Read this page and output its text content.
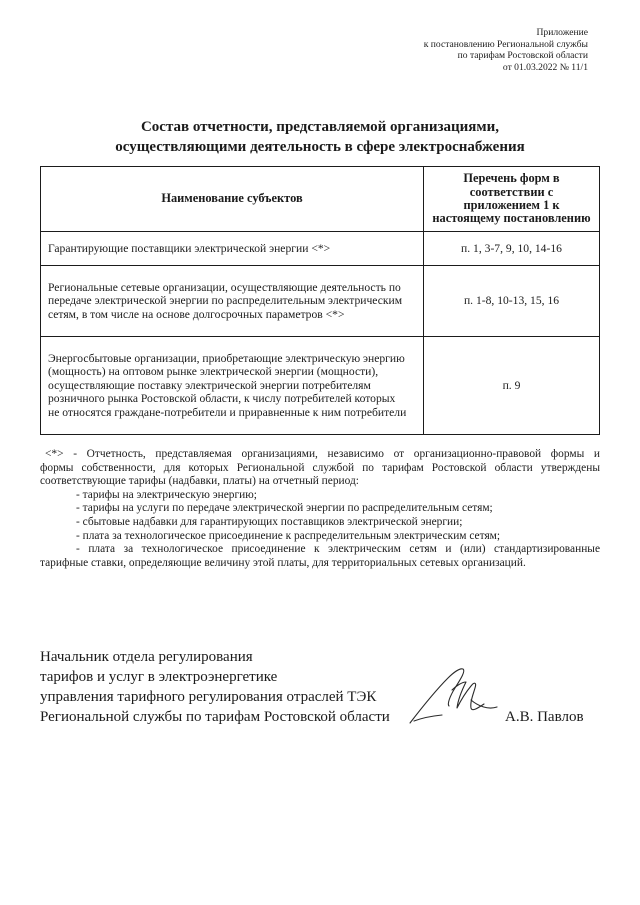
Приложение
к постановлению Региональной службы
по тарифам Ростовской области
от 01.03.2022 № 11/1
Состав отчетности, представляемой организациями,
осуществляющими деятельность в сфере электроснабжения
Наименование субъектов	Перечень форм в
соответствии с
приложением 1 к
настоящему постановлению
Гарантирующие поставщики электрической энергии <*>	п. 1, 3-7, 9, 10, 14-16
Региональные сетевые организации, осуществляющие деятельность по
передаче электрической энергии по распределительным электрическим
сетям, в том числе на основе долгосрочных параметров <*>	п. 1-8, 10-13, 15, 16
Энергосбытовые организации, приобретающие электрическую энергию
(мощность) на оптовом рынке электрической энергии (мощности),
осуществляющие поставку электрической энергии потребителям
розничного рынка Ростовской области, к числу потребителей которых
не относятся граждане-потребители и приравненные к ним потребители	п. 9
<*> - Отчетность, представляемая организациями, независимо от организационно-правовой формы и
формы собственности, для которых Региональной службой по тарифам Ростовской области утверждены
соответствующие тарифы (надбавки, платы) на отчетный период:
- тарифы на электрическую энергию;
- тарифы на услуги по передаче электрической энергии по распределительным сетям;
- сбытовые надбавки для гарантирующих поставщиков электрической энергии;
- плата за технологическое присоединение к распределительным электрическим сетям;
- плата за технологическое присоединение к электрическим сетям и (или) стандартизированные
тарифные ставки, определяющие величину этой платы, для территориальных сетевых организаций.
Начальник отдела регулирования
тарифов и услуг в электроэнергетике
управления тарифного регулирования отраслей ТЭК
Региональной службы по тарифам Ростовской области	А.В. Павлов
